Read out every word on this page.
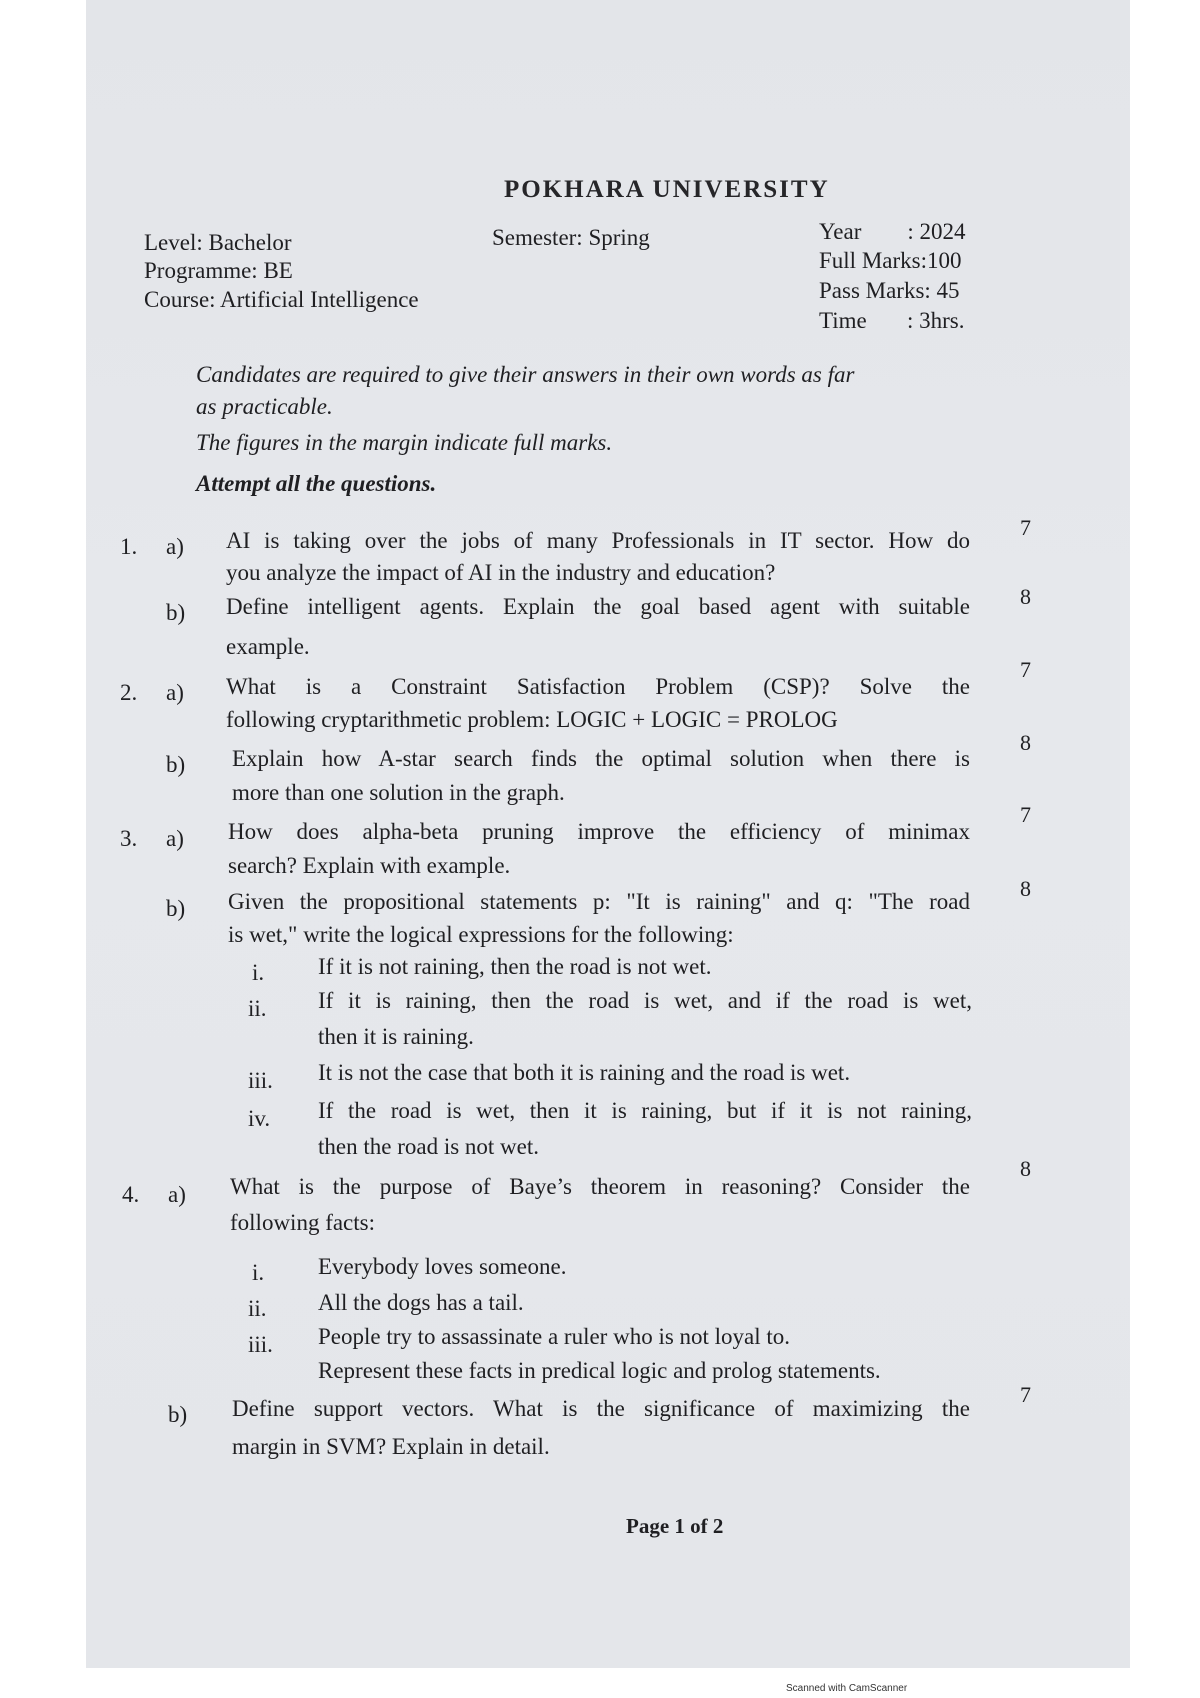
POKHARA UNIVERSITY
Level: Bachelor
Programme: BE
Course: Artificial Intelligence
Semester: Spring	Year        : 2024
Full Marks:100
Pass Marks: 45
Time       : 3hrs.
Candidates are required to give their answers in their own words as far
as practicable.
The figures in the margin indicate full marks.
Attempt all the questions.
1. a) AI is taking over the jobs of many Professionals in IT sector. How do
you analyze the impact of AI in the industry and education?
7
b) Define intelligent agents. Explain the goal based agent with suitable
example.
8
2. a) What is a Constraint Satisfaction Problem (CSP)? Solve the
following cryptarithmetic problem: LOGIC + LOGIC = PROLOG
7
b) Explain how A-star search finds the optimal solution when there is
more than one solution in the graph.
8
3. a) How does alpha-beta pruning improve the efficiency of minimax
search? Explain with example.
7
b) Given the propositional statements p: "It is raining" and q: "The road
is wet," write the logical expressions for the following:
8
i. If it is not raining, then the road is not wet.
ii. If it is raining, then the road is wet, and if the road is wet,
then it is raining.
iii. It is not the case that both it is raining and the road is wet.
iv. If the road is wet, then it is raining, but if it is not raining,
then the road is not wet.
4. a) What is the purpose of Baye’s theorem in reasoning? Consider the
following facts:
8
i. Everybody loves someone.
ii. All the dogs has a tail.
iii. People try to assassinate a ruler who is not loyal to.
Represent these facts in predical logic and prolog statements.
b) Define support vectors. What is the significance of maximizing the
margin in SVM? Explain in detail.
7
Page 1 of 2
Scanned with CamScanner
